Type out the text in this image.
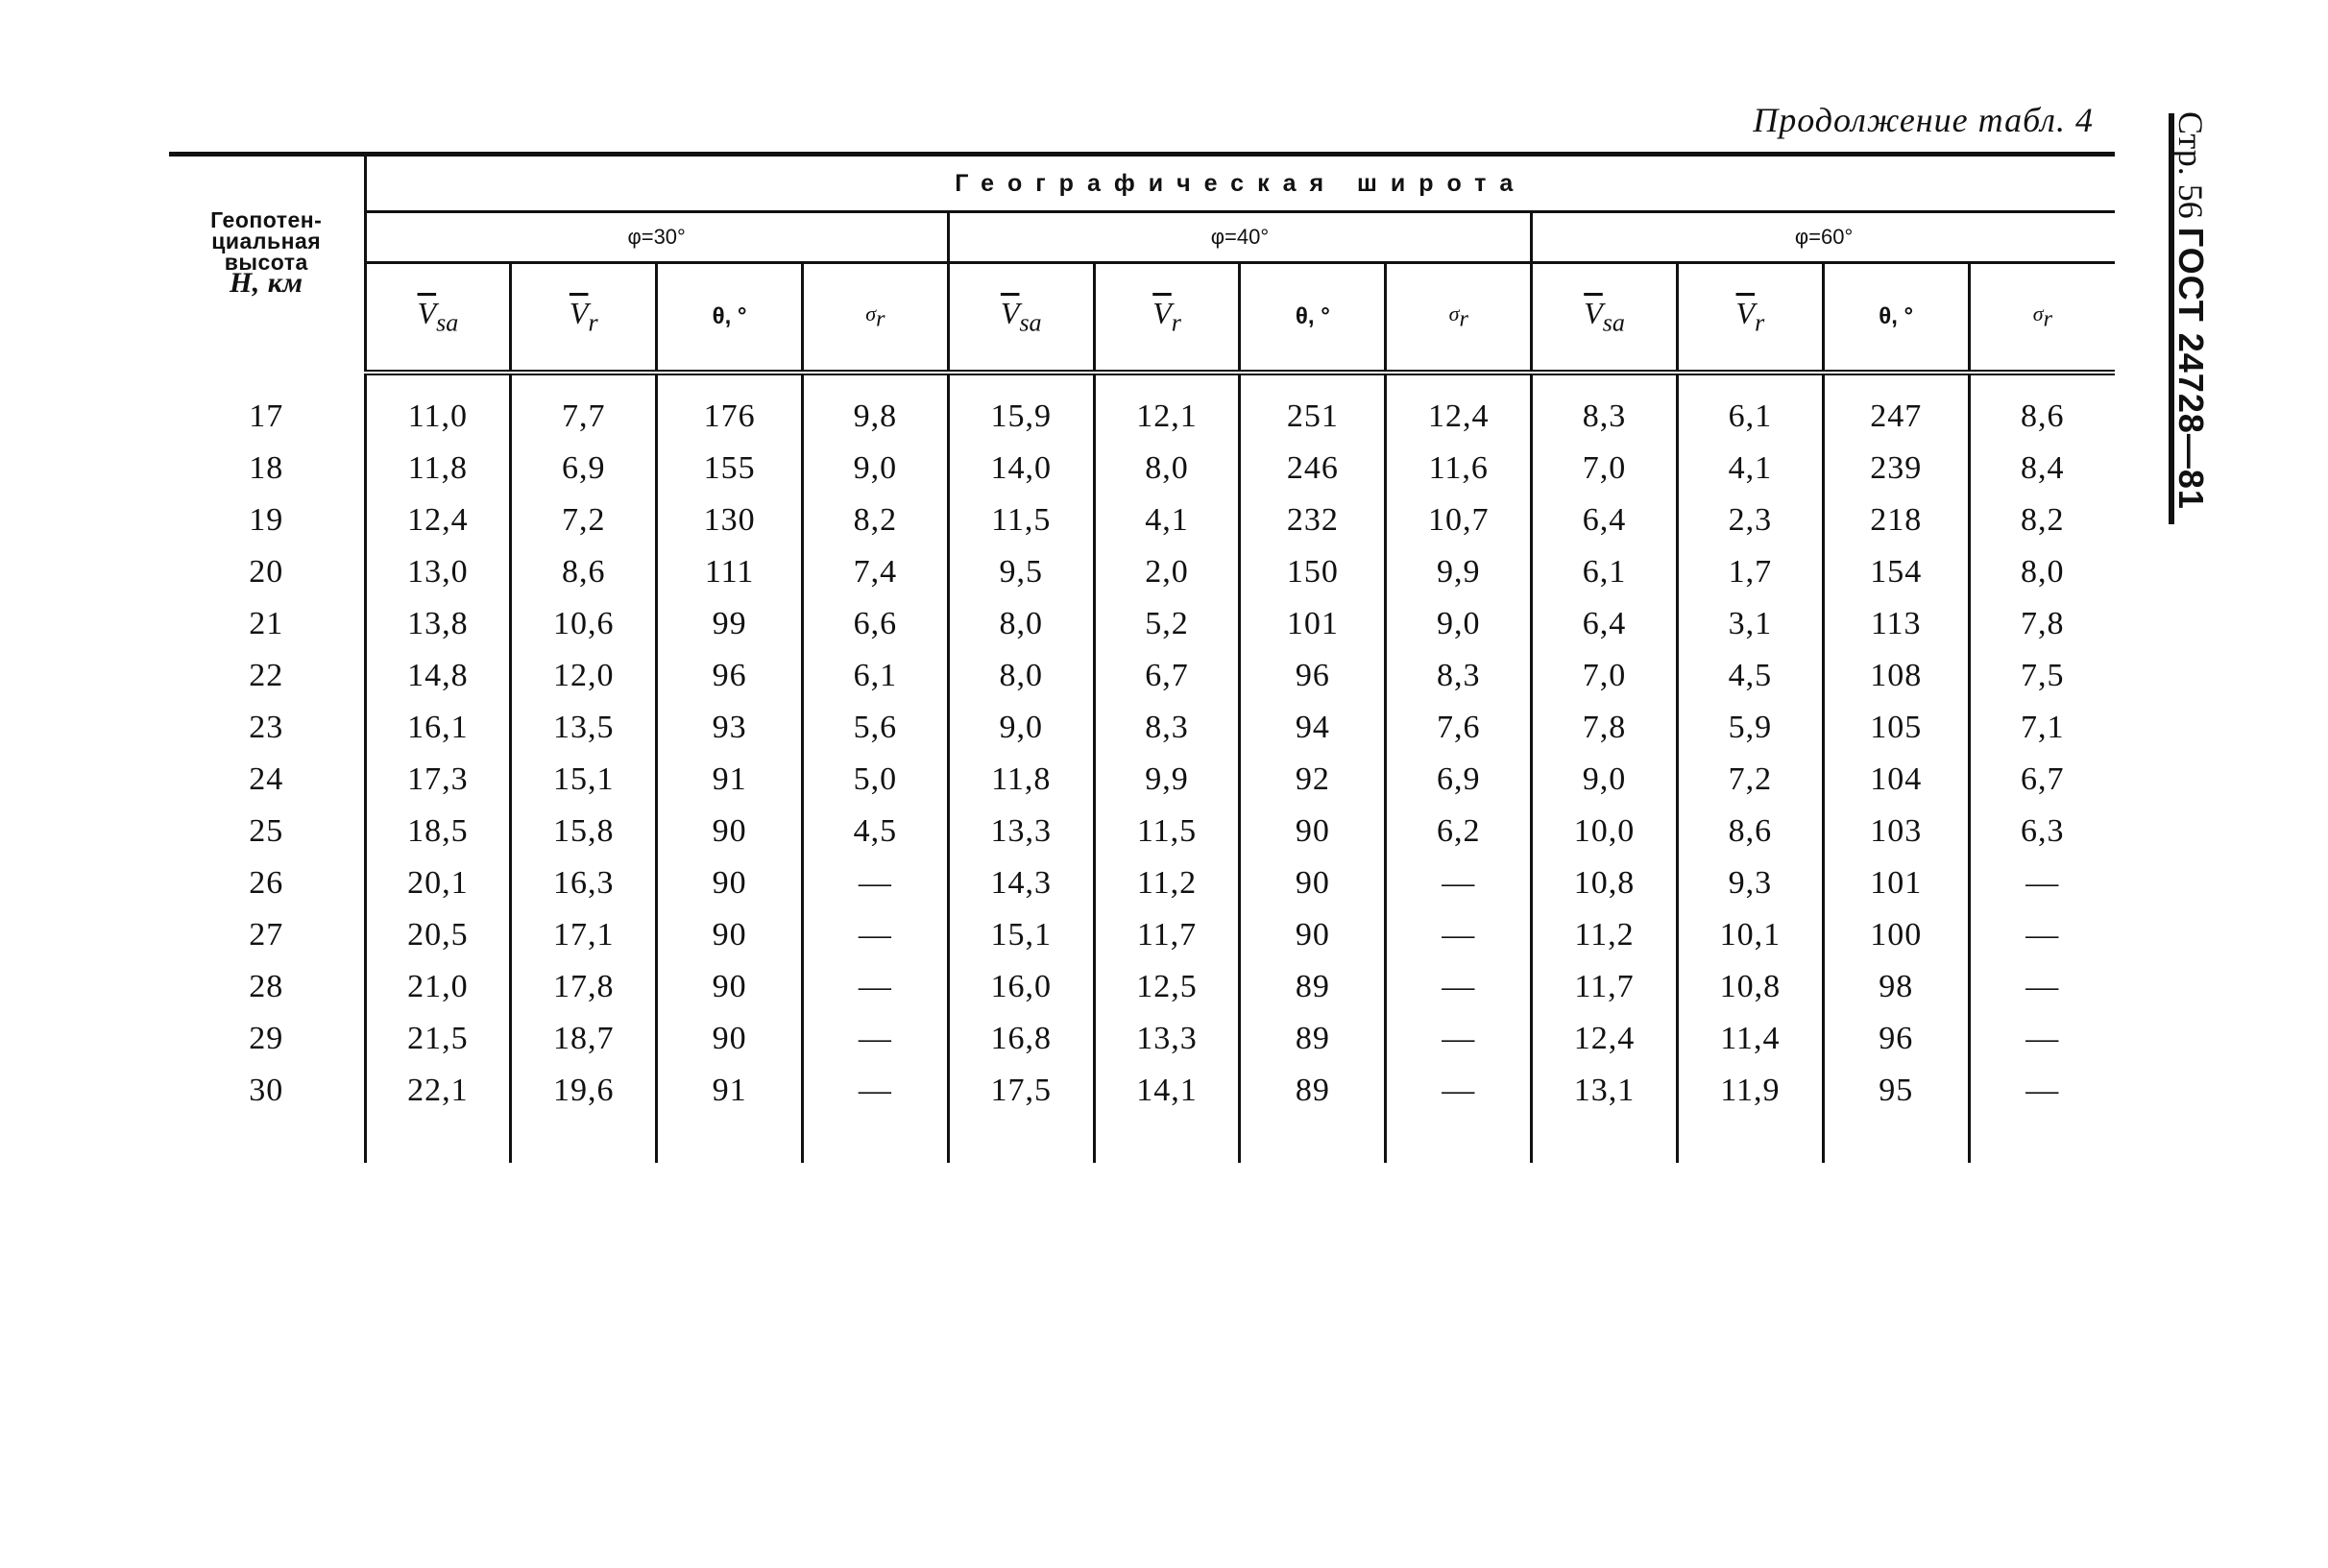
Продолжение табл. 4 Стр. 56 ГОСТ 24728—81
Геопотен-
циальная
высота
H, км	Географическая широта											
	φ=30°				φ=40°				φ=60°			
	$\overline{V}_{sa}$	$\overline{V}_r$	θ, °	$\sigma_r$	$\overline{V}_{sa}$	$\overline{V}_r$	θ, °	$\sigma_r$	$\overline{V}_{sa}$	$\overline{V}_r$	θ, °	$\sigma_r$

17	11,0	7,7	176	9,8	15,9	12,1	251	12,4	8,3	6,1	247	8,6
18	11,8	6,9	155	9,0	14,0	8,0	246	11,6	7,0	4,1	239	8,4
19	12,4	7,2	130	8,2	11,5	4,1	232	10,7	6,4	2,3	218	8,2
20	13,0	8,6	111	7,4	9,5	2,0	150	9,9	6,1	1,7	154	8,0
21	13,8	10,6	99	6,6	8,0	5,2	101	9,0	6,4	3,1	113	7,8
22	14,8	12,0	96	6,1	8,0	6,7	96	8,3	7,0	4,5	108	7,5
23	16,1	13,5	93	5,6	9,0	8,3	94	7,6	7,8	5,9	105	7,1
24	17,3	15,1	91	5,0	11,8	9,9	92	6,9	9,0	7,2	104	6,7
25	18,5	15,8	90	4,5	13,3	11,5	90	6,2	10,0	8,6	103	6,3
26	20,1	16,3	90	—	14,3	11,2	90	—	10,8	9,3	101	—
27	20,5	17,1	90	—	15,1	11,7	90	—	11,2	10,1	100	—
28	21,0	17,8	90	—	16,0	12,5	89	—	11,7	10,8	98	—
29	21,5	18,7	90	—	16,8	13,3	89	—	12,4	11,4	96	—
30	22,1	19,6	91	—	17,5	14,1	89	—	13,1	11,9	95	—
